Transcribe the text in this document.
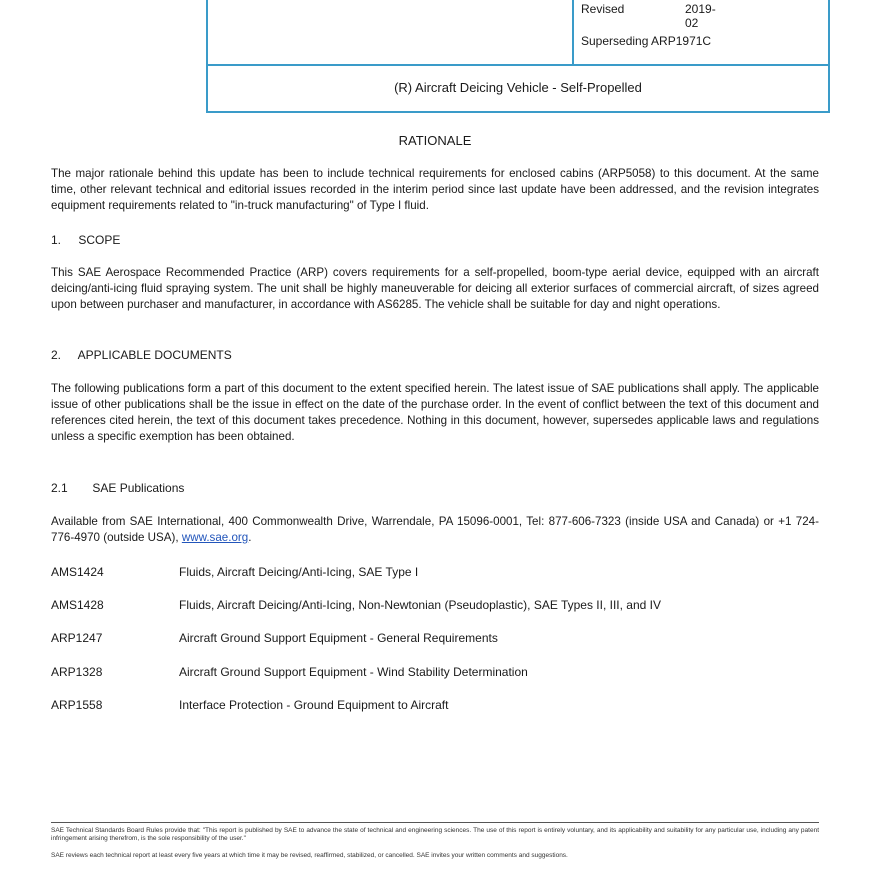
Revised	2019-02
Superseding ARP1971C
(R) Aircraft Deicing Vehicle - Self-Propelled
RATIONALE
The major rationale behind this update has been to include technical requirements for enclosed cabins (ARP5058) to this document. At the same time, other relevant technical and editorial issues recorded in the interim period since last update have been addressed, and the revision integrates equipment requirements related to "in-truck manufacturing" of Type I fluid.
1. SCOPE
This SAE Aerospace Recommended Practice (ARP) covers requirements for a self-propelled, boom-type aerial device, equipped with an aircraft deicing/anti-icing fluid spraying system. The unit shall be highly maneuverable for deicing all exterior surfaces of commercial aircraft, of sizes agreed upon between purchaser and manufacturer, in accordance with AS6285. The vehicle shall be suitable for day and night operations.
2. APPLICABLE DOCUMENTS
The following publications form a part of this document to the extent specified herein. The latest issue of SAE publications shall apply. The applicable issue of other publications shall be the issue in effect on the date of the purchase order. In the event of conflict between the text of this document and references cited herein, the text of this document takes precedence. Nothing in this document, however, supersedes applicable laws and regulations unless a specific exemption has been obtained.
2.1 SAE Publications
Available from SAE International, 400 Commonwealth Drive, Warrendale, PA 15096-0001, Tel: 877-606-7323 (inside USA and Canada) or +1 724-776-4970 (outside USA), www.sae.org.
AMS1424	Fluids, Aircraft Deicing/Anti-Icing, SAE Type I
AMS1428	Fluids, Aircraft Deicing/Anti-Icing, Non-Newtonian (Pseudoplastic), SAE Types II, III, and IV
ARP1247	Aircraft Ground Support Equipment - General Requirements
ARP1328	Aircraft Ground Support Equipment - Wind Stability Determination
ARP1558	Interface Protection - Ground Equipment to Aircraft
SAE Technical Standards Board Rules provide that: "This report is published by SAE to advance the state of technical and engineering sciences. The use of this report is entirely voluntary, and its applicability and suitability for any particular use, including any patent infringement arising therefrom, is the sole responsibility of the user."
SAE reviews each technical report at least every five years at which time it may be revised, reaffirmed, stabilized, or cancelled. SAE invites your written comments and suggestions.
